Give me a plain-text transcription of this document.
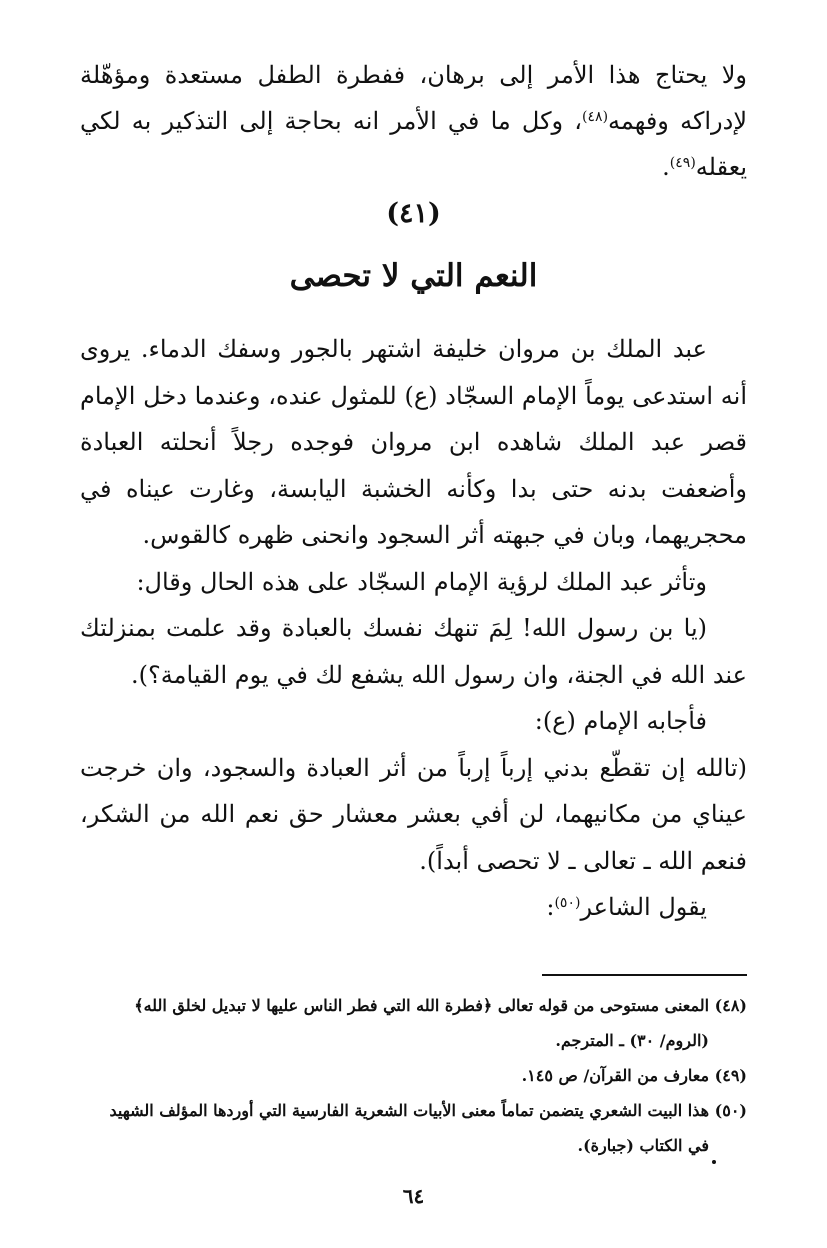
ولا يحتاج هذا الأمر إلى برهان، ففطرة الطفل مستعدة ومؤهّلة لإدراكه وفهمه$^{(٤٨)}$، وكل ما في الأمر انه بحاجة إلى التذكير به لكي يعقله$^{(٤٩)}$.
(٤١)
النعم التي لا تحصى

عبد الملك بن مروان خليفة اشتهر بالجور وسفك الدماء. يروى أنه استدعى يوماً الإمام السجّاد (ع) للمثول عنده، وعندما دخل الإمام قصر عبد الملك شاهده ابن مروان فوجده رجلاً أنحلته العبادة وأضعفت بدنه حتى بدا وكأنه الخشبة اليابسة، وغارت عيناه في محجريهما، وبان في جبهته أثر السجود وانحنى ظهره كالقوس.

وتأثر عبد الملك لرؤية الإمام السجّاد على هذه الحال وقال:

(يا بن رسول الله! لِمَ تنهك نفسك بالعبادة وقد علمت بمنزلتك عند الله في الجنة، وان رسول الله يشفع لك في يوم القيامة؟).

فأجابه الإمام (ع):

(تالله إن تقطّع بدني إرباً إرباً من أثر العبادة والسجود، وان خرجت عيناي من مكانيهما، لن أفي بعشر معشار حق نعم الله من الشكر، فنعم الله ـ تعالى ـ لا تحصى أبداً).

يقول الشاعر$^{(٥٠)}$:

(٤٨) المعنى مستوحى من قوله تعالى ﴿فطرة الله التي فطر الناس عليها لا تبديل لخلق الله﴾

(الروم/ ٣٠) ـ المترجم.

(٤٩) معارف من القرآن/ ص ١٤٥.

(٥٠) هذا البيت الشعري يتضمن تماماً معنى الأبيات الشعرية الفارسية التي أوردها المؤلف الشهيد

في الكتاب (جبارة).

٦٤
